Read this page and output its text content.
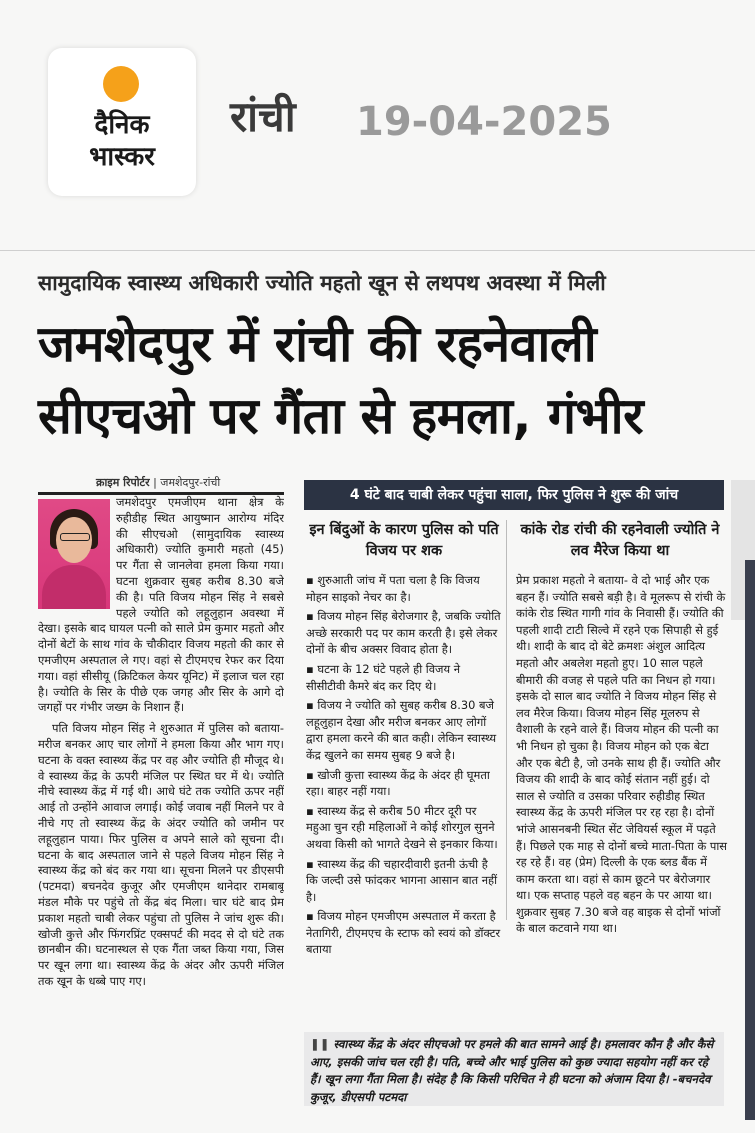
दैनिक
भास्कर
रांची 19-04-2025
सामुदायिक स्वास्थ्य अधिकारी ज्योति महतो खून से लथपथ अवस्था में मिली
जमशेदपुर में रांची की रहनेवाली सीएचओ पर गैंता से हमला, गंभीर
क्राइम रिपोर्टर | जमशेदपुर-रांची

जमशेदपुर एमजीएम थाना क्षेत्र के रुहीडीह स्थित आयुष्मान आरोग्य मंदिर की सीएचओ (सामुदायिक स्वास्थ्य अधिकारी) ज्योति कुमारी महतो (45) पर गैंता से जानलेवा हमला किया गया। घटना शुक्रवार सुबह करीब 8.30 बजे की है। पति विजय मोहन सिंह ने सबसे पहले ज्योति को लहूलुहान अवस्था में देखा। इसके बाद घायल पत्नी को साले प्रेम कुमार महतो और दोनों बेटों के साथ गांव के चौकीदार विजय महतो की कार से एमजीएम अस्पताल ले गए। वहां से टीएमएच रेफर कर दिया गया। वहां सीसीयू (क्रिटिकल केयर यूनिट) में इलाज चल रहा है। ज्योति के सिर के पीछे एक जगह और सिर के आगे दो जगहों पर गंभीर जख्म के निशान हैं।

पति विजय मोहन सिंह ने शुरुआत में पुलिस को बताया- मरीज बनकर आए चार लोगों ने हमला किया और भाग गए। घटना के वक्त स्वास्थ्य केंद्र पर वह और ज्योति ही मौजूद थे। वे स्वास्थ्य केंद्र के ऊपरी मंजिल पर स्थित घर में थे। ज्योति नीचे स्वास्थ्य केंद्र में गई थी। आधे घंटे तक ज्योति ऊपर नहीं आई तो उन्होंने आवाज लगाई। कोई जवाब नहीं मिलने पर वे नीचे गए तो स्वास्थ्य केंद्र के अंदर ज्योति को जमीन पर लहूलुहान पाया। फिर पुलिस व अपने साले को सूचना दी। घटना के बाद अस्पताल जाने से पहले विजय मोहन सिंह ने स्वास्थ्य केंद्र को बंद कर गया था। सूचना मिलने पर डीएसपी (पटमदा) बचनदेव कुजूर और एमजीएम थानेदार रामबाबू मंडल मौके पर पहुंचे तो केंद्र बंद मिला। चार घंटे बाद प्रेम प्रकाश महतो चाबी लेकर पहुंचा तो पुलिस ने जांच शुरू की। खोजी कुत्ते और फिंगरप्रिंट एक्सपर्ट की मदद से दो घंटे तक छानबीन की। घटनास्थल से एक गैंता जब्त किया गया, जिस पर खून लगा था। स्वास्थ्य केंद्र के अंदर और ऊपरी मंजिल तक खून के धब्बे पाए गए।

4 घंटे बाद चाबी लेकर पहुंचा साला, फिर पुलिस ने शुरू की जांच
इन बिंदुओं के कारण पुलिस को पति विजय पर शक

▪ शुरुआती जांच में पता चला है कि विजय मोहन साइको नेचर का है।

▪ विजय मोहन सिंह बेरोजगार है, जबकि ज्योति अच्छे सरकारी पद पर काम करती है। इसे लेकर दोनों के बीच अक्सर विवाद होता है।

▪ घटना के 12 घंटे पहले ही विजय ने सीसीटीवी कैमरे बंद कर दिए थे।

▪ विजय ने ज्योति को सुबह करीब 8.30 बजे लहूलुहान देखा और मरीज बनकर आए लोगों द्वारा हमला करने की बात कही। लेकिन स्वास्थ्य केंद्र खुलने का समय सुबह 9 बजे है।

▪ खोजी कुत्ता स्वास्थ्य केंद्र के अंदर ही घूमता रहा। बाहर नहीं गया।

▪ स्वास्थ्य केंद्र से करीब 50 मीटर दूरी पर महुआ चुन रही महिलाओं ने कोई शोरगुल सुनने अथवा किसी को भागते देखने से इनकार किया।

▪ स्वास्थ्य केंद्र की चहारदीवारी इतनी ऊंची है कि जल्दी उसे फांदकर भागना आसान बात नहीं है।

▪ विजय मोहन एमजीएम अस्पताल में करता है नेतागिरी, टीएमएच के स्टाफ को स्वयं को डॉक्टर बताया

कांके रोड रांची की रहनेवाली ज्योति ने लव मैरेज किया था

प्रेम प्रकाश महतो ने बताया- वे दो भाई और एक बहन हैं। ज्योति सबसे बड़ी है। वे मूलरूप से रांची के कांके रोड स्थित गागी गांव के निवासी हैं। ज्योति की पहली शादी टाटी सिल्वे में रहने एक सिपाही से हुई थी। शादी के बाद दो बेटे क्रमशः अंशुल आदित्य महतो और अबलेश महतो हुए। 10 साल पहले बीमारी की वजह से पहले पति का निधन हो गया। इसके दो साल बाद ज्योति ने विजय मोहन सिंह से लव मैरेज किया। विजय मोहन सिंह मूलरुप से वैशाली के रहने वाले हैं। विजय मोहन की पत्नी का भी निधन हो चुका है। विजय मोहन को एक बेटा और एक बेटी है, जो उनके साथ ही हैं। ज्योति और विजय की शादी के बाद कोई संतान नहीं हुई। दो साल से ज्योति व उसका परिवार रुहीडीह स्थित स्वास्थ्य केंद्र के ऊपरी मंजिल पर रह रहा है। दोनों भांजे आसनबनी स्थित सेंट जेवियर्स स्कूल में पढ़ते हैं। पिछले एक माह से दोनों बच्चे माता-पिता के पास रह रहे हैं। वह (प्रेम) दिल्ली के एक ब्लड बैंक में काम करता था। वहां से काम छूटने पर बेरोजगार था। एक सप्ताह पहले वह बहन के पर आया था। शुक्रवार सुबह 7.30 बजे वह बाइक से दोनों भांजों के बाल कटवाने गया था।

❚❚ स्वास्थ्य केंद्र के अंदर सीएचओ पर हमले की बात सामने आई है। हमलावर कौन है और कैसे आए, इसकी जांच चल रही है। पति, बच्चे और भाई पुलिस को कुछ ज्यादा सहयोग नहीं कर रहे हैं। खून लगा गैंता मिला है। संदेह है कि किसी परिचित ने ही घटना को अंजाम दिया है। -बचनदेव कुजूर, डीएसपी पटमदा
